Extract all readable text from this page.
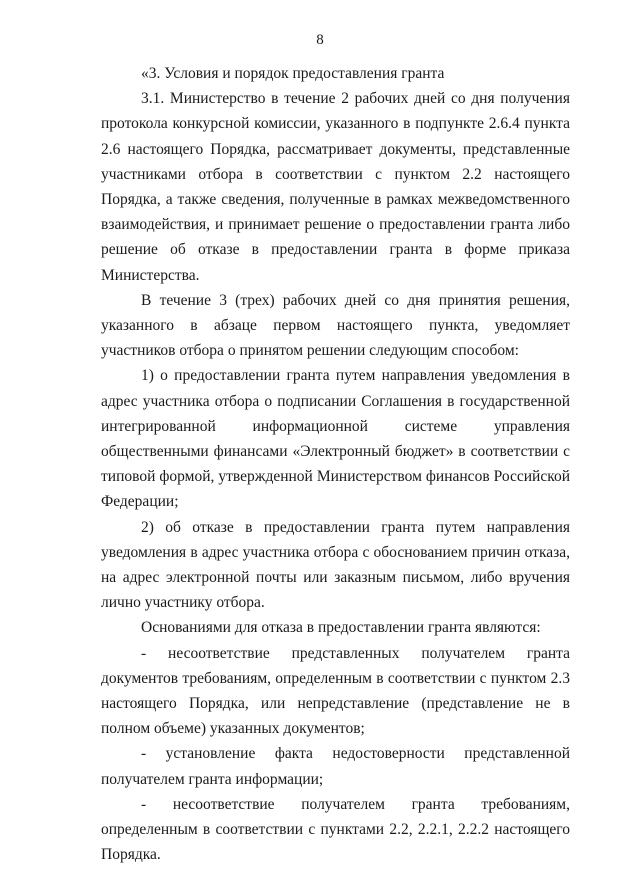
8

«3. Условия и порядок предоставления гранта

3.1. Министерство в течение 2 рабочих дней со дня получения протокола конкурсной комиссии, указанного в подпункте 2.6.4 пункта 2.6 настоящего Порядка, рассматривает документы, представленные участниками отбора в соответствии с пунктом 2.2 настоящего Порядка, а также сведения, полученные в рамках межведомственного взаимодействия, и принимает решение о предоставлении гранта либо решение об отказе в предоставлении гранта в форме приказа Министерства.

В течение 3 (трех) рабочих дней со дня принятия решения, указанного в абзаце первом настоящего пункта, уведомляет участников отбора о принятом решении следующим способом:

1) о предоставлении гранта путем направления уведомления в адрес участника отбора о подписании Соглашения в государственной интегрированной информационной системе управления общественными финансами «Электронный бюджет» в соответствии с типовой формой, утвержденной Министерством финансов Российской Федерации;

2) об отказе в предоставлении гранта путем направления уведомления в адрес участника отбора с обоснованием причин отказа, на адрес электронной почты или заказным письмом, либо вручения лично участнику отбора.

Основаниями для отказа в предоставлении гранта являются:

- несоответствие представленных получателем гранта документов требованиям, определенным в соответствии с пунктом 2.3 настоящего Порядка, или непредставление (представление не в полном объеме) указанных документов;

- установление факта недостоверности представленной получателем гранта информации;

- несоответствие получателем гранта требованиям, определенным в соответствии с пунктами 2.2, 2.2.1, 2.2.2 настоящего Порядка.
